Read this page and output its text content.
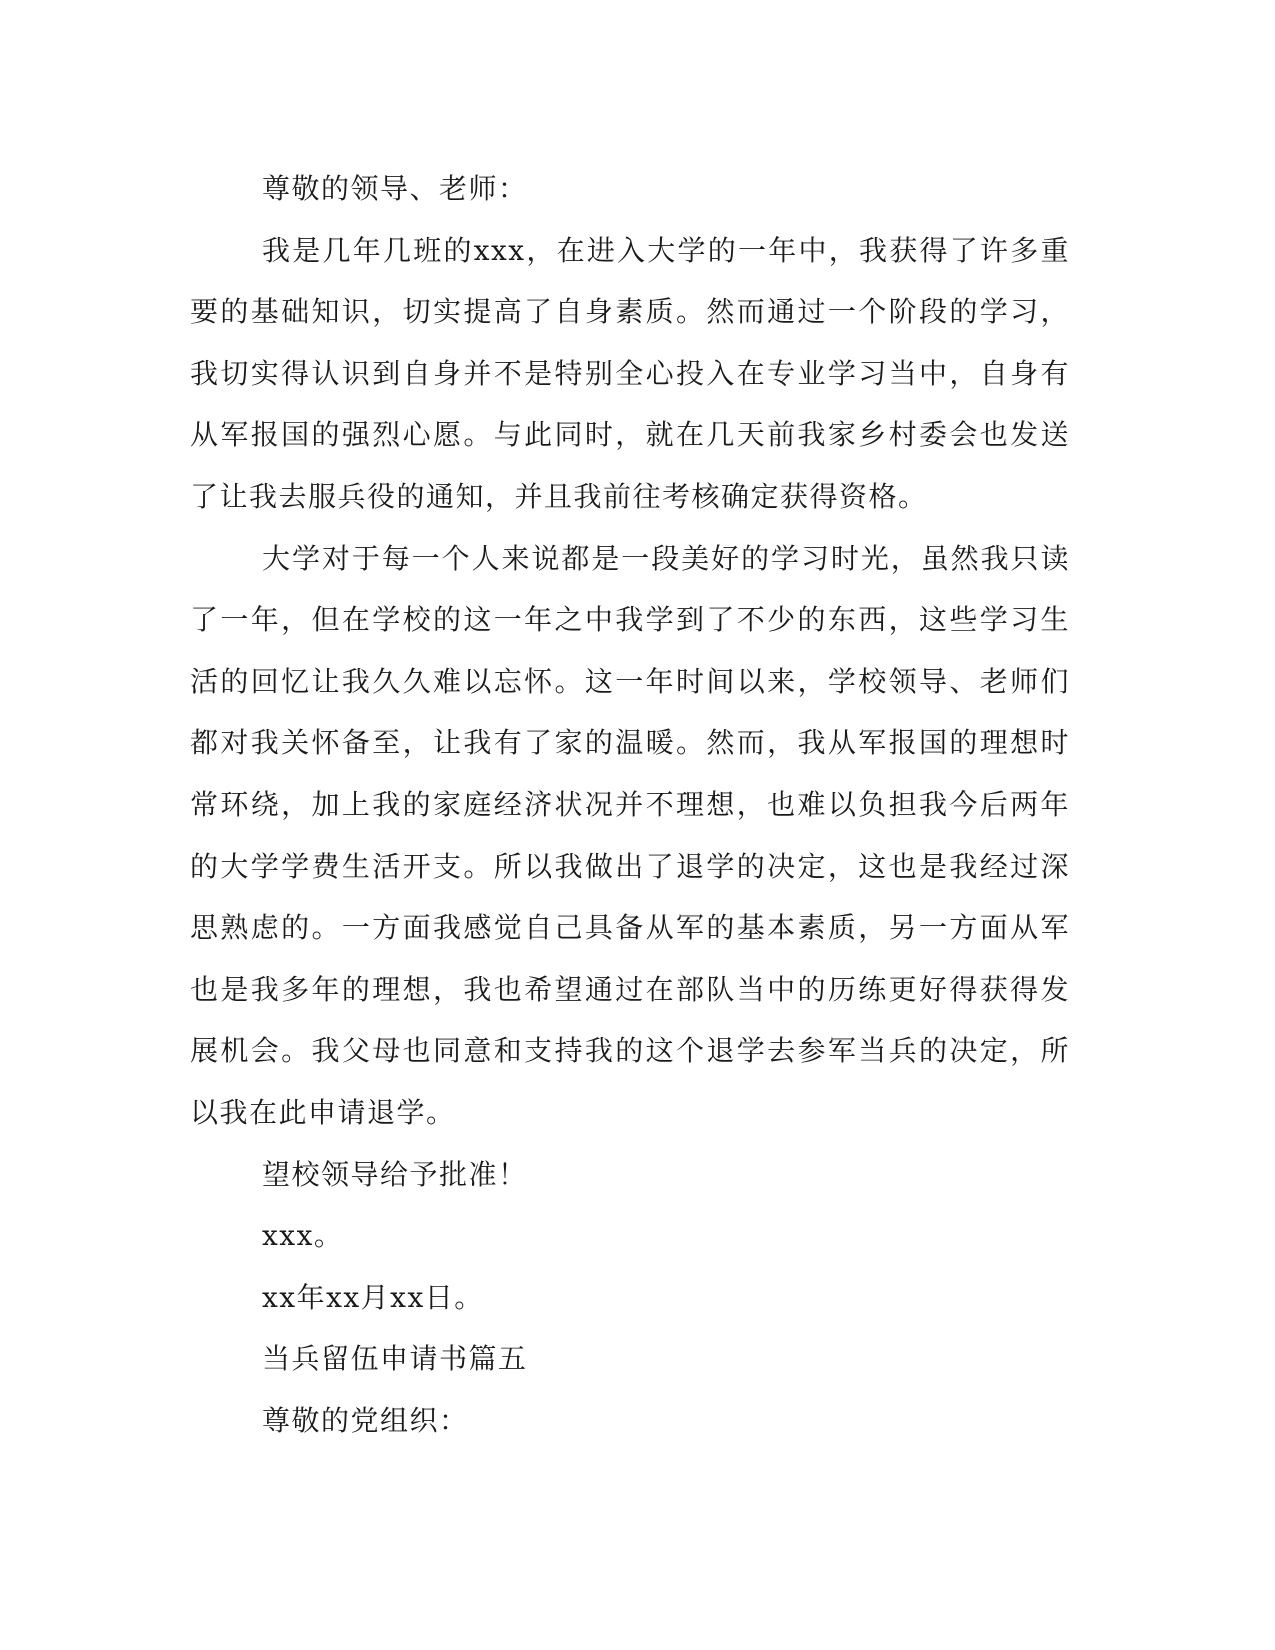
尊敬的领导、老师：

我是几年几班的xxx，在进入大学的一年中，我获得了许多重要的基础知识，切实提高了自身素质。然而通过一个阶段的学习，我切实得认识到自身并不是特别全心投入在专业学习当中，自身有从军报国的强烈心愿。与此同时，就在几天前我家乡村委会也发送了让我去服兵役的通知，并且我前往考核确定获得资格。

大学对于每一个人来说都是一段美好的学习时光，虽然我只读了一年，但在学校的这一年之中我学到了不少的东西，这些学习生活的回忆让我久久难以忘怀。这一年时间以来，学校领导、老师们都对我关怀备至，让我有了家的温暖。然而，我从军报国的理想时常环绕，加上我的家庭经济状况并不理想，也难以负担我今后两年的大学学费生活开支。所以我做出了退学的决定，这也是我经过深思熟虑的。一方面我感觉自己具备从军的基本素质，另一方面从军也是我多年的理想，我也希望通过在部队当中的历练更好得获得发展机会。我父母也同意和支持我的这个退学去参军当兵的决定，所以我在此申请退学。

望校领导给予批准！

xxx。

xx年xx月xx日。

当兵留伍申请书篇五

尊敬的党组织：
